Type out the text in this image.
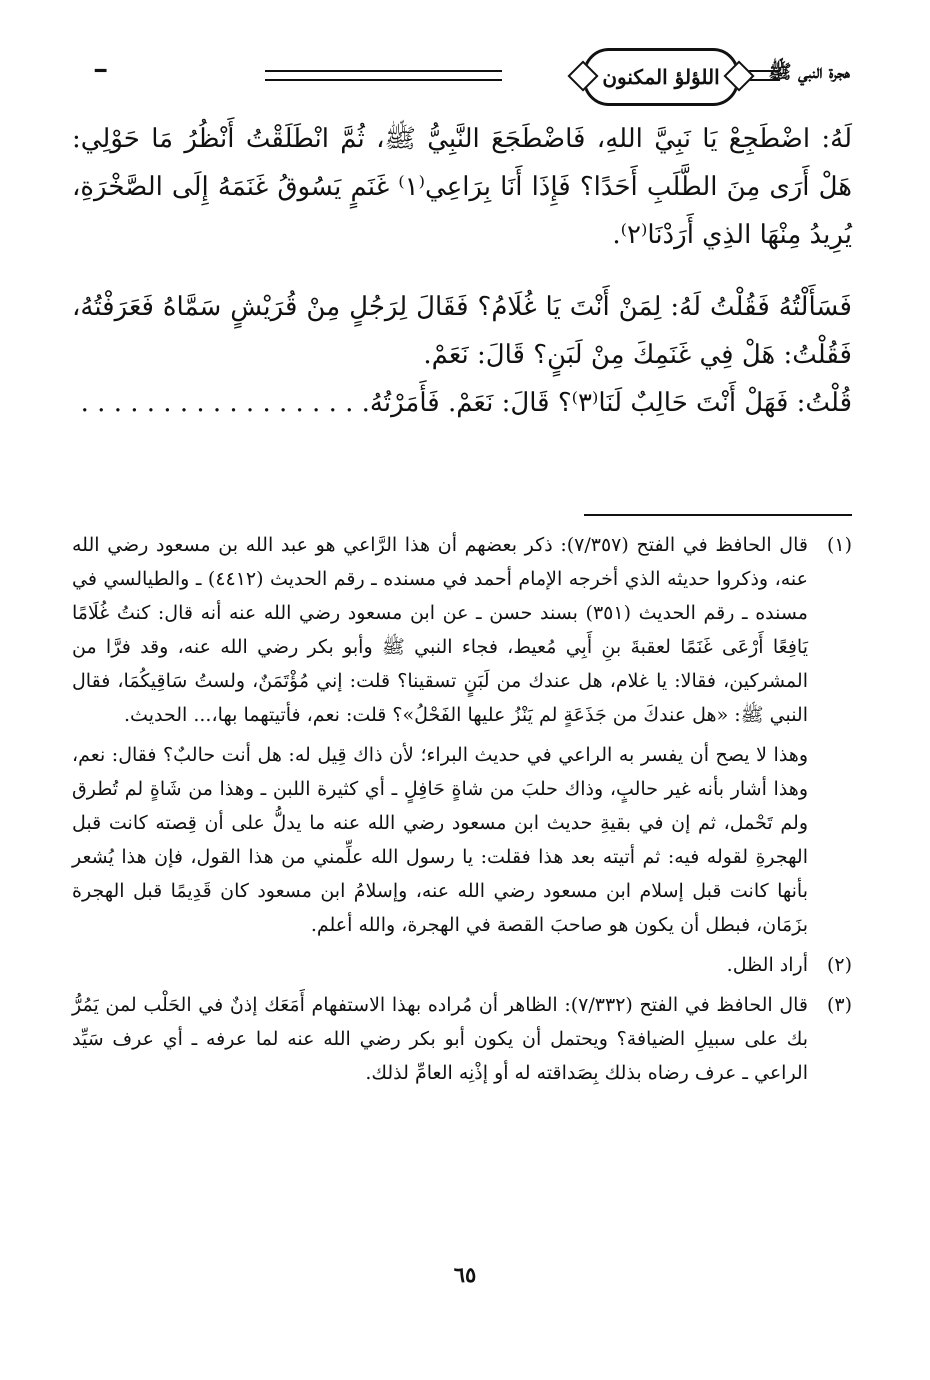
هجرة النبي ﷺ
اللؤلؤ المكنون
━

لَهُ: اضْطَجِعْ يَا نَبِيَّ اللهِ، فَاضْطَجَعَ النَّبِيُّ ﷺ، ثُمَّ انْطَلَقْتُ أَنْظُرُ مَا حَوْلِي: هَلْ أَرَى مِنَ الطَّلَبِ أَحَدًا؟ فَإِذَا أَنَا بِرَاعِي⁽١⁾ غَنَمٍ يَسُوقُ غَنَمَهُ إِلَى الصَّخْرَةِ، يُرِيدُ مِنْهَا الذِي أَرَدْنَا⁽٢⁾.

فَسَأَلْتُهُ فَقُلْتُ لَهُ: لِمَنْ أَنْتَ يَا غُلَامُ؟ فَقَالَ لِرَجُلٍ مِنْ قُرَيْشٍ سَمَّاهُ فَعَرَفْتُهُ، فَقُلْتُ: هَلْ فِي غَنَمِكَ مِنْ لَبَنٍ؟ قَالَ: نَعَمْ.

قُلْتُ: فَهَلْ أَنْتَ حَالِبٌ لَنَا⁽٣⁾؟ قَالَ: نَعَمْ. فَأَمَرْتُهُ. . . . . . . . . . . . . . . . . .

(١)
قال الحافظ في الفتح (٧/٣٥٧): ذكر بعضهم أن هذا الرَّاعي هو عبد الله بن مسعود رضي الله عنه، وذكروا حديثه الذي أخرجه الإمام أحمد في مسنده ـ رقم الحديث (٤٤١٢) ـ والطيالسي في مسنده ـ رقم الحديث (٣٥١) بسند حسن ـ عن ابن مسعود رضي الله عنه أنه قال: كنتُ غُلَامًا يَافِعًا أَرْعَى غَنَمًا لعقبةَ بنِ أَبِي مُعيط، فجاء النبي ﷺ وأبو بكر رضي الله عنه، وقد فرَّا من المشركين، فقالا: يا غلام، هل عندك من لَبَنٍ تسقينا؟ قلت: إني مُؤْتَمَنٌ، ولستُ سَاقِيكُمَا، فقال النبي ﷺ: «هل عندكَ من جَذَعَةٍ لم يَنْزُ عليها الفَحْلُ»؟ قلت: نعم، فأتيتهما بها،... الحديث.
وهذا لا يصح أن يفسر به الراعي في حديث البراء؛ لأن ذاك قِيل له: هل أنت حالبٌ؟ فقال: نعم، وهذا أشار بأنه غير حالبٍ، وذاك حلبَ من شاةٍ حَافِلٍ ـ أي كثيرة اللبن ـ وهذا من شَاةٍ لم تُطرق ولم تَحْمل، ثم إن في بقيةِ حديث ابن مسعود رضي الله عنه ما يدلُّ على أن قِصته كانت قبل الهجرةِ لقوله فيه: ثم أتيته بعد هذا فقلت: يا رسول الله علِّمني من هذا القول، فإن هذا يُشعر بأنها كانت قبل إسلام ابن مسعود رضي الله عنه، وإسلامُ ابن مسعود كان قَدِيمًا قبل الهجرة بزَمَان، فبطل أن يكون هو صاحبَ القصة في الهجرة، والله أعلم.
(٢)
أراد الظل.
(٣)
قال الحافظ في الفتح (٧/٣٣٢): الظاهر أن مُراده بهذا الاستفهام أَمَعَك إذنٌ في الحَلْب لمن يَمُرُّ بك على سبيلِ الضيافة؟ ويحتمل أن يكون أبو بكر رضي الله عنه لما عرفه ـ أي عرف سَيِّد الراعي ـ عرف رضاه بذلك بِصَداقته له أو إذْنِه العامِّ لذلك.
٦٥
